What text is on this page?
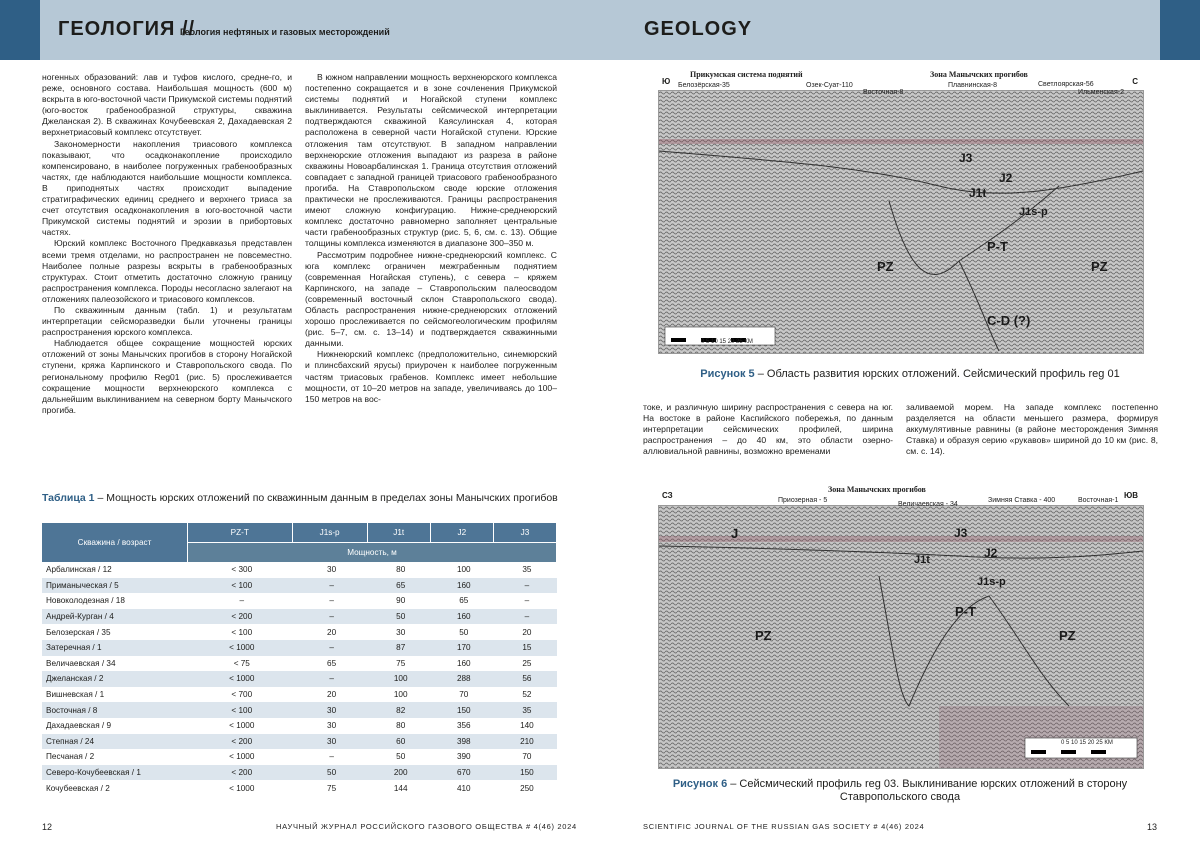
ГЕОЛОГИЯ //
Геология нефтяных и газовых месторождений	GEOLOGY

ногенных образований: лав и туфов кислого, средне-го, и реже, основного состава. Наибольшая мощность (600 м) вскрыта в юго-восточной части Прикумской системы поднятий (юго-восток грабенообразной структуры, скважина Джеланская 2). В скважинах Кочубеевская 2, Дахадаевская 2 верхнетриасовый комплекс отсутствует.

Закономерности накопления триасового комплекса показывают, что осадконакопление происходило компенсировано, в наиболее погруженных грабенообразных частях, где наблюдаются наибольшие мощности комплекса. В приподнятых частях происходит выпадение стратиграфических единиц среднего и верхнего триаса за счет отсутствия осадконакопления в юго-восточной части Прикумской системы поднятий и эрозии в прибортовых частях.

Юрский комплекс Восточного Предкавказья представлен всеми тремя отделами, но распространен не повсеместно. Наиболее полные разрезы вскрыты в грабенообразных структурах. Стоит отметить достаточно сложную границу распространения комплекса. Породы несогласно залегают на отложениях палеозойского и триасового комплексов.

По скважинным данным (табл. 1) и результатам интерпретации сейсморазведки были уточнены границы распространения юрского комплекса.

Наблюдается общее сокращение мощностей юрских отложений от зоны Манычских прогибов в сторону Ногайской ступени, кряжа Карпинского и Ставропольского свода. По региональному профилю Reg01 (рис. 5) прослеживается сокращение мощности верхнеюрского комплекса с дальнейшим выклиниванием на северном борту Манычского прогиба.

В южном направлении мощность верхнеюрского комплекса постепенно сокращается и в зоне сочленения Прикумской системы поднятий и Ногайской ступени комплекс выклинивается. Результаты сейсмической интерпретации подтверждаются скважиной Каясулинская 4, которая расположена в северной части Ногайской ступени. Юрские отложения там отсутствуют. В западном направлении верхнеюрские отложения выпадают из разреза в районе скважины Новоарбалинская 1. Граница отсутствия отложений совпадает с западной границей триасового грабенообразного прогиба. На Ставропольском своде юрские отложения практически не прослеживаются. Границы распространения имеют сложную конфигурацию. Нижне-среднеюрский комплекс достаточно равномерно заполняет центральные части грабенообразных структур (рис. 5, 6, см. с. 13). Общие толщины комплекса изменяются в диапазоне 300–350 м.

Рассмотрим подробнее нижне-среднеюрский комплекс. С юга комплекс ограничен межграбенным поднятием (современная Ногайская ступень), с севера – кряжем Карпинского, на западе – Ставропольским палеосводом (современный восточный склон Ставропольского свода). Область распространения нижне-среднеюрских отложений хорошо прослеживается по сейсмогеологическим профилям (рис. 5–7, см. с. 13–14) и подтверждается скважинными данными.

Нижнеюрский комплекс (предположительно, синемюрский и плинсбахский ярусы) приурочен к наиболее погруженным частям триасовых грабенов. Комплекс имеет небольшие мощности, от 10–20 метров на западе, увеличиваясь до 100–150 метров на вос-

Таблица 1 – Мощность юрских отложений по скважинным данным в пределах зоны Манычских прогибов
Скважина / возраст	PZ-T	J1s-p	J1t	J2	J3
	Мощность, м				
Арбалинская / 12	< 300	30	80	100	35
Приманыческая / 5	< 100	–	65	160	–
Новоколодезная / 18	–	–	90	65	–
Андрей-Курган / 4	< 200	–	50	160	–
Белозерская / 35	< 100	20	30	50	20
Затеречная / 1	< 1000	–	87	170	15
Величаевская / 34	< 75	65	75	160	25
Джеланская / 2	< 1000	–	100	288	56
Вишневская / 1	< 700	20	100	70	52
Восточная / 8	< 100	30	82	150	35
Дахадаевская / 9	< 1000	30	80	356	140
Степная / 24	< 200	30	60	398	210
Песчаная / 2	< 1000	–	50	390	70
Северо-Кочубеевская / 1	< 200	50	200	670	150
Кочубеевская / 2	< 1000	75	144	410	250

токе, и различную ширину распространения с севера на юг. На востоке в районе Каспийского побережья, по данным интерпретации сейсмических профилей, ширина распространения – до 40 км, это области озерно-аллювиальной равнины, возможно временами

заливаемой морем. На западе комплекс постепенно разделяется на области меньшего размера, формируя аккумулятивные равнины (в районе месторождения Зимняя Ставка) и образуя серию «рукавов» шириной до 10 км (рис. 8, см. с. 14).

0 5 10 15 20 25 КМ
J3
J2
J1t
J1s-p
P-T
PZ	PZ
C-D (?)
Ю	С
Прикумская система поднятий	Зона Манычских прогибов
Белозёрская-35	Озек-Суат-110
Восточная-8
Плавнинская-8	Светлоярская-56
Ильменская-2
Рисунок 5 – Область развития юрских отложений. Сейсмический профиль reg 01
0 5 10 15 20 25 КМ
J	J3
J2
J1t
J1s-p
P-T
PZ	PZ
СЗ	ЮВ
Зона Манычских прогибов
Приозерная - 5
Величаевская - 34
Зимняя Ставка - 400	Восточная-1
Рисунок 6 – Сейсмический профиль reg 03. Выклинивание юрских отложений в сторону Ставропольского свода
12	НАУЧНЫЙ ЖУРНАЛ РОССИЙСКОГО ГАЗОВОГО ОБЩЕСТВА # 4(46) 2024	SCIENTIFIC JOURNAL OF THE RUSSIAN GAS SOCIETY # 4(46) 2024	13
